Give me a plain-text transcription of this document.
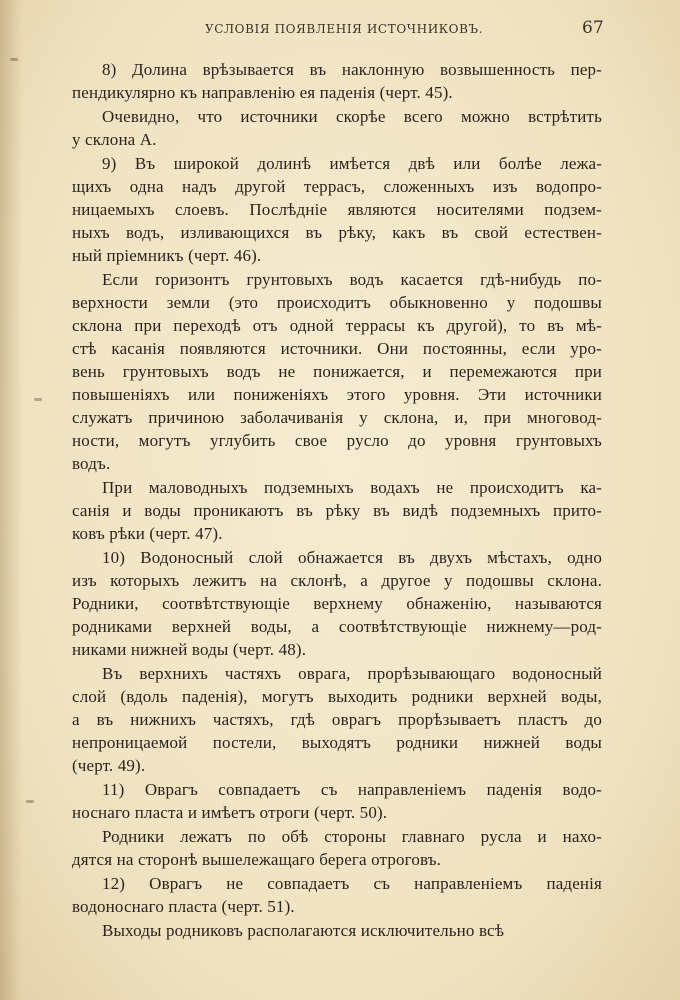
УСЛОВІЯ ПОЯВЛЕНІЯ ИСТОЧНИКОВЪ.	67
8) Долина врѣзывается въ наклонную возвышенность пер-
пендикулярно къ направленію ея паденія (черт. 45).
Очевидно, что источники скорѣе всего можно встрѣтить
у склона А.
9) Въ широкой долинѣ имѣется двѣ или болѣе лежа-
щихъ одна надъ другой террасъ, сложенныхъ изъ водопро-
ницаемыхъ слоевъ. Послѣдніе являются носителями подзем-
ныхъ водъ, изливающихся въ рѣку, какъ въ свой естествен-
ный пріемникъ (черт. 46).
Если горизонтъ грунтовыхъ водъ касается гдѣ-нибудь по-
верхности земли (это происходитъ обыкновенно у подошвы
склона при переходѣ отъ одной террасы къ другой), то въ мѣ-
стѣ касанія появляются источники. Они постоянны, если уро-
вень грунтовыхъ водъ не понижается, и перемежаются при
повышеніяхъ или пониженіяхъ этого уровня. Эти источники
служатъ причиною заболачиванія у склона, и, при многовод-
ности, могутъ углубить свое русло до уровня грунтовыхъ
водъ.
При маловодныхъ подземныхъ водахъ не происходитъ ка-
санія и воды проникаютъ въ рѣку въ видѣ подземныхъ прито-
ковъ рѣки (черт. 47).
10) Водоносный слой обнажается въ двухъ мѣстахъ, одно
изъ которыхъ лежитъ на склонѣ, а другое у подошвы склона.
Родники, соотвѣтствующіе верхнему обнаженію, называются
родниками верхней воды, а соотвѣтствующіе нижнему—род-
никами нижней воды (черт. 48).
Въ верхнихъ частяхъ оврага, прорѣзывающаго водоносный
слой (вдоль паденія), могутъ выходить родники верхней воды,
а въ нижнихъ частяхъ, гдѣ оврагъ прорѣзываетъ пластъ до
непроницаемой постели, выходятъ родники нижней воды
(черт. 49).
11) Оврагъ совпадаетъ съ направленіемъ паденія водо-
носнаго пласта и имѣетъ отроги (черт. 50).
Родники лежатъ по обѣ стороны главнаго русла и нахо-
дятся на сторонѣ вышележащаго берега отроговъ.
12) Оврагъ не совпадаетъ съ направленіемъ паденія
водоноснаго пласта (черт. 51).
Выходы родниковъ располагаются исключительно всѣ
